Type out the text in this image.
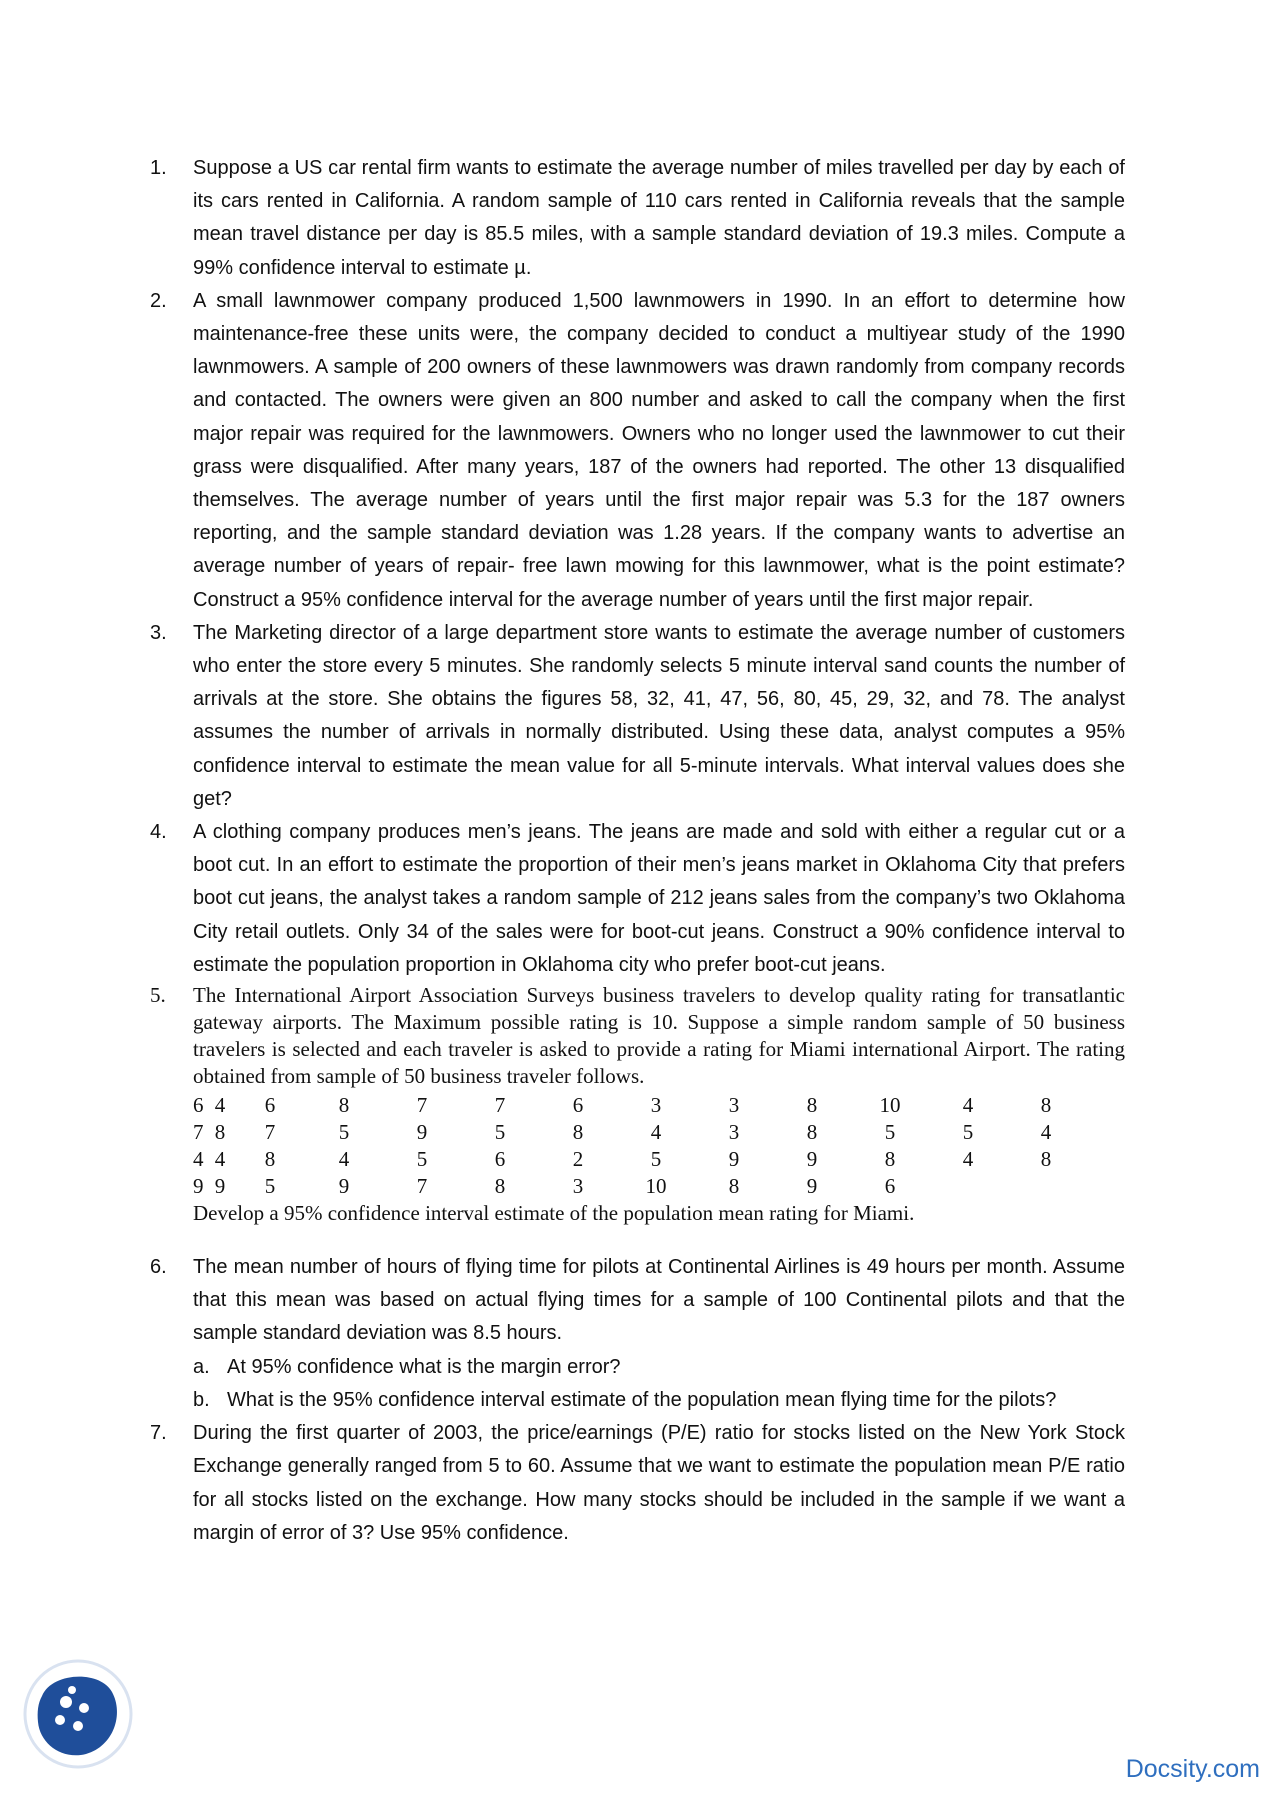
1.	Suppose a US car rental firm wants to estimate the average number of miles travelled per day by each of its cars rented in California. A random sample of 110 cars rented in California reveals that the sample mean travel distance per day is 85.5 miles, with a sample standard deviation of 19.3 miles. Compute a 99% confidence interval to estimate µ.
2.	A small lawnmower company produced 1,500 lawnmowers in 1990. In an effort to determine how maintenance-free these units were, the company decided to conduct a multiyear study of the 1990 lawnmowers. A sample of 200 owners of these lawnmowers was drawn randomly from company records and contacted. The owners were given an 800 number and asked to call the company when the first major repair was required for the lawnmowers. Owners who no longer used the lawnmower to cut their grass were disqualified. After many years, 187 of the owners had reported. The other 13 disqualified themselves. The average number of years until the first major repair was 5.3 for the 187 owners reporting, and the sample standard deviation was 1.28 years. If the company wants to advertise an average number of years of repair- free lawn mowing for this lawnmower, what is the point estimate? Construct a 95% confidence interval for the average number of years until the first major repair.
3.	The Marketing director of a large department store wants to estimate the average number of customers who enter the store every 5 minutes. She randomly selects 5 minute interval sand counts the number of arrivals at the store. She obtains the figures 58, 32, 41, 47, 56, 80, 45, 29, 32, and 78. The analyst assumes the number of arrivals in normally distributed. Using these data, analyst computes a 95% confidence interval to estimate the mean value for all 5-minute intervals. What interval values does she get?
4.	A clothing company produces men’s jeans. The jeans are made and sold with either a regular cut or a boot cut. In an effort to estimate the proportion of their men’s jeans market in Oklahoma City that prefers boot cut jeans, the analyst takes a random sample of 212 jeans sales from the company’s two Oklahoma City retail outlets. Only 34 of the sales were for boot-cut jeans. Construct a 90% confidence interval to estimate the population proportion in Oklahoma city who prefer boot-cut jeans.
5.	The International Airport Association Surveys business travelers to develop quality rating for transatlantic gateway airports. The Maximum possible rating is 10. Suppose a simple random sample of 50 business travelers is selected and each traveler is asked to provide a rating for Miami international Airport. The rating obtained from sample of 50 business traveler follows.
6	4	6	8	7	7	6	3	3	8	10	4	8
7	8	7	5	9	5	8	4	3	8	5	5	4
4	4	8	4	5	6	2	5	9	9	8	4	8
9	9	5	9	7	8	3	10	8	9	6		
Develop a 95% confidence interval estimate of the population mean rating for Miami.
6.	The mean number of hours of flying time for pilots at Continental Airlines is 49 hours per month. Assume that this mean was based on actual flying times for a sample of 100 Continental pilots and that the sample standard deviation was 8.5 hours.
a. At 95% confidence what is the margin error?
b. What is the 95% confidence interval estimate of the population mean flying time for the pilots?
7.	During the first quarter of 2003, the price/earnings (P/E) ratio for stocks listed on the New York Stock Exchange generally ranged from 5 to 60. Assume that we want to estimate the population mean P/E ratio for all stocks listed on the exchange. How many stocks should be included in the sample if we want a margin of error of 3? Use 95% confidence.
Docsity.com
